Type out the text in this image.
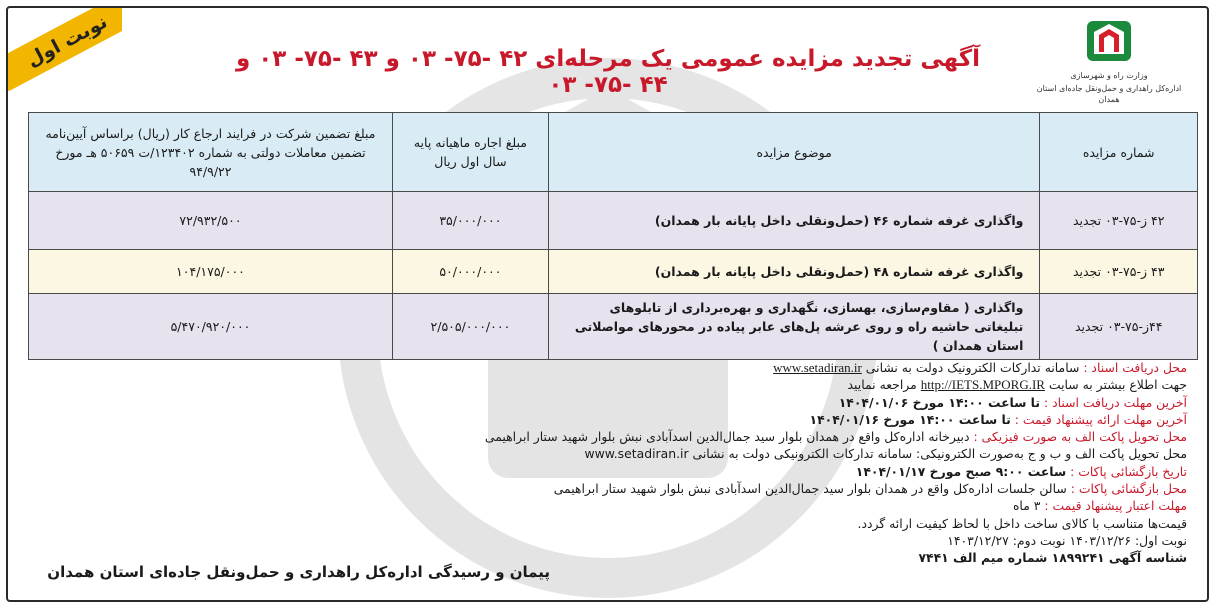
نوبت اول
وزارت راه و شهرسازی
اداره‌کل راهداری و حمل‌ونقل جاده‌ای استان همدان
آگهی تجدید مزایده عمومی یک مرحله‌ای ۴۲ -۷۵- ۰۳ و ۴۳ -۷۵- ۰۳ و ۴۴ -۷۵- ۰۳
شماره مزایده	موضوع مزایده	مبلغ اجاره ماهیانه پایه سال اول ریال	مبلغ تضمین شرکت در فرایند ارجاع کار (ریال) براساس آیین‌نامه تضمین معاملات دولتی به شماره ۱۲۳۴۰۲/ت ۵۰۶۵۹ هـ مورخ ۹۴/۹/۲۲
۴۲ ز-۷۵-۰۳ تجدید	واگذاری غرفه شماره ۴۶ (حمل‌ونقلی داخل پایانه بار همدان)	۳۵/۰۰۰/۰۰۰	۷۲/۹۳۲/۵۰۰
۴۳ ز-۷۵-۰۳ تجدید	واگذاری غرفه شماره ۴۸ (حمل‌ونقلی داخل پایانه بار همدان)	۵۰/۰۰۰/۰۰۰	۱۰۴/۱۷۵/۰۰۰
۴۴ز-۷۵-۰۳ تجدید	واگذاری ( مقاوم‌سازی، بهسازی، نگهداری و بهره‌برداری از تابلوهای تبلیغاتی حاشیه راه و روی عرشه پل‌های عابر پیاده در محورهای مواصلاتی استان همدان )	۲/۵۰۵/۰۰۰/۰۰۰	۵/۴۷۰/۹۲۰/۰۰۰
محل دریافت اسناد : سامانه تدارکات الکترونیک دولت به نشانی www.setadiran.ir
جهت اطلاع بیشتر به سایت http://IETS.MPORG.IR مراجعه نمایید
آخرین مهلت دریافت اسناد : تا ساعت ۱۴:۰۰ مورخ ۱۴۰۴/۰۱/۰۶
آخرین مهلت ارائه پیشنهاد قیمت : تا ساعت ۱۴:۰۰ مورخ ۱۴۰۴/۰۱/۱۶
محل تحویل پاکت الف به صورت فیزیکی : دبیرخانه اداره‌کل واقع در همدان بلوار سید جمال‌الدین اسدآبادی نبش بلوار شهید ستار ابراهیمی
محل تحویل پاکت الف و ب و ج به‌صورت الکترونیکی: سامانه تدارکات الکترونیکی دولت به نشانی www.setadiran.ir
تاریخ بازگشائی پاکات : ساعت ۹:۰۰ صبح مورخ ۱۴۰۴/۰۱/۱۷
محل بازگشائی پاکات : سالن جلسات اداره‌کل واقع در همدان بلوار سید جمال‌الدین اسدآبادی نبش بلوار شهید ستار ابراهیمی
مهلت اعتبار پیشنهاد قیمت : ۳ ماه
قیمت‌ها متناسب با کالای ساخت داخل با لحاظ کیفیت ارائه گردد.
نوبت اول: ۱۴۰۳/۱۲/۲۶ نوبت دوم: ۱۴۰۳/۱۲/۲۷
شناسه آگهی ۱۸۹۹۲۴۱ شماره میم الف ۷۴۴۱
پیمان و رسیدگی اداره‌کل راهداری و حمل‌ونقل جاده‌ای استان همدان
